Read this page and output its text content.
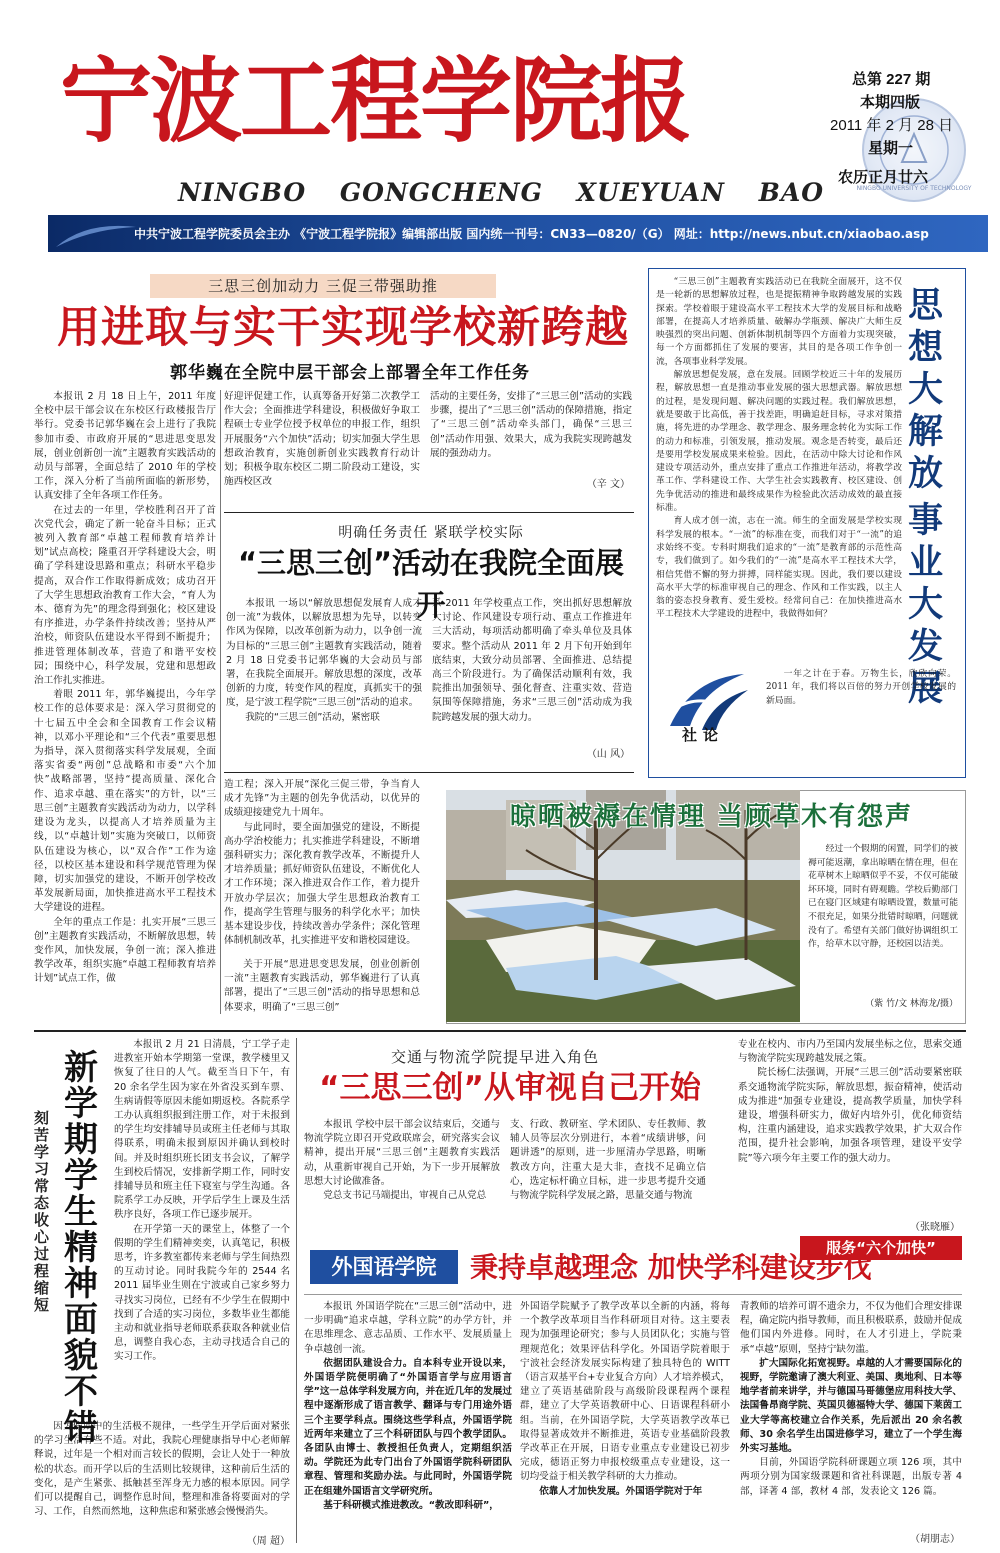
宁波工程学院报
NINGBO GONGCHENG XUEYUAN BAO	NINGBO UNIVERSITY OF TECHNOLOGY
总第 227 期
本期四版
2011 年 2 月 28 日
星期一
农历正月廿六
中共宁波工程学院委员会主办 《宁波工程学院报》编辑部出版 国内统一刊号：CN33—0820/（G） 网址：http://news.nbut.cn/xiaobao.asp
三思三创加动力 三促三带强助推
用进取与实干实现学校新跨越
郭华巍在全院中层干部会上部署全年工作任务

本报讯 2 月 18 日上午，2011 年度全校中层干部会议在东校区行政楼报告厅举行。党委书记郭华巍在会上进行了我院参加市委、市政府开展的“思进思变思发展，创业创新创一流”主题教育实践活动的动员与部署，全面总结了 2010 年的学校工作，深入分析了当前所面临的新形势，认真安排了全年各项工作任务。

在过去的一年里，学校胜利召开了首次党代会，确定了新一轮奋斗目标；正式被列入教育部“卓越工程师教育培养计划”试点高校；隆重召开学科建设大会，明确了学科建设思路和重点；科研水平稳步提高，双合作工作取得新成效；成功召开了大学生思想政治教育工作大会，“育人为本、德育为先”的理念得到强化；校区建设有序推进，办学条件持续改善；坚持从严治校，师资队伍建设水平得到不断提升；推进管理体制改革，营造了和谐平安校园；围绕中心，科学发展，党建和思想政治工作扎实推进。

着眼 2011 年，郭华巍提出，今年学校工作的总体要求是：深入学习贯彻党的十七届五中全会和全国教育工作会议精神，以邓小平理论和“三个代表”重要思想为指导，深入贯彻落实科学发展观，全面落实省委“两创”总战略和市委“六个加快”战略部署，坚持“提高质量、深化合作、追求卓越、重在落实”的方针，以“三思三创”主题教育实践活动为动力，以学科建设为龙头，以提高人才培养质量为主线，以“卓越计划”实施为突破口，以师资队伍建设为核心，以“双合作”工作为途径，以校区基本建设和科学规范管理为保障，切实加强党的建设，不断开创学校改革发展新局面，加快推进高水平工程技术大学建设的进程。

全年的重点工作是：扎实开展“三思三创”主题教育实践活动，不断解放思想，转变作风，加快发展，争创一流；深入推进教学改革，组织实施“卓越工程师教育培养计划”试点工作，做

好迎评促建工作，认真筹备开好第二次教学工作大会；全面推进学科建设，积极做好争取工程硕士专业学位授予权单位的申报工作，组织开展服务“六个加快”活动；切实加强大学生思想政治教育，实施创新创业实践教育行动计划；积极争取东校区二期二阶段动工建设，实施西校区改

活动的主要任务，安排了“三思三创”活动的实践步骤，提出了“三思三创”活动的保障措施，指定了“三思三创”活动牵头部门，确保“三思三创”活动作用强、效果大，成为我院实现跨越发展的强劲动力。

（辛 文）
明确任务责任 紧联学校实际
“三思三创”活动在我院全面展开

本报讯 一场以“解放思想促发展育人成才创一流”为载体，以解放思想为先导，以转变作风为保障，以改革创新为动力，以争创一流为目标的“三思三创”主题教育实践活动，随着 2 月 18 日党委书记郭华巍的大会动员与部署，在我院全面展开。解放思想的深度，改革创新的力度，转变作风的程度，真抓实干的强度，是宁波工程学院“三思三创”活动的追求。

我院的“三思三创”活动，紧密联

系 2011 年学校重点工作，突出抓好思想解放大讨论、作风建设专项行动、重点工作推进年三大活动，每项活动都明确了牵头单位及具体要求。整个活动从 2011 年 2 月下旬开始到年底结束，大致分动员部署、全面推进、总结提高三个阶段进行。为了确保活动顺利有效，我院推出加强领导、强化督查、注重实效、营造氛围等保障措施，务求“三思三创”活动成为我院跨越发展的强大动力。

（山 风）

造工程；深入开展“深化三促三带，争当育人成才先锋”为主题的创先争优活动，以优异的成绩迎接建党九十周年。

与此同时，要全面加强党的建设，不断提高办学治校能力；扎实推进学科建设，不断增强科研实力；深化教育教学改革，不断提升人才培养质量；抓好师资队伍建设，不断优化人才工作环境；深入推进双合作工作，着力提升开放办学层次；加强大学生思想政治教育工作，提高学生管理与服务的科学化水平；加快基本建设步伐，持续改善办学条件；深化管理体制机制改革，扎实推进平安和谐校园建设。

关于开展“思进思变思发展，创业创新创一流”主题教育实践活动，郭华巍进行了认真部署，提出了“三思三创”活动的指导思想和总体要求，明确了“三思三创”

思想大解放
事业大发展

“三思三创”主题教育实践活动已在我院全面展开，这不仅是一轮新的思想解放过程，也是提振精神争取跨越发展的实践探索。学校着眼于建设高水平工程技术大学的发展目标和战略部署，在提高人才培养质量、破解办学瓶颈、解决广大师生反映强烈的突出问题、创新体制机制等四个方面着力实现突破，每一个方面都抓住了发展的要害，其目的是各项工作争创一流，各项事业科学发展。

解放思想促发展，意在发展。回顾学校近三十年的发展历程，解放思想一直是推动事业发展的强大思想武器。解放思想的过程，是发现问题、解决问题的实践过程。我们解放思想，就是要敢于比高低，善于找差距，明确追赶目标，寻求对策措施，将先进的办学理念、教学理念、服务理念转化为实际工作的动力和标准，引领发展，推动发展。观念是否转变，最后还是要用学校发展成果来检验。因此，在活动中除大讨论和作风建设专项活动外，重点安排了重点工作推进年活动，将教学改革工作、学科建设工作、大学生社会实践教育、校区建设、创先争优活动的推进和最终成果作为检验此次活动成效的最直接标准。

育人成才创一流，志在一流。师生的全面发展是学校实现科学发展的根本。“一流”的标准在变，而我们对于“一流”的追求始终不变。专科时期我们追求的“一流”是教育部的示范性高专，我们做到了。如今我们的“一流”是高水平工程技术大学，相信凭借不懈的努力拼搏，同样能实现。因此，我们要以建设高水平大学的标准审视自己的理念、作风和工作实践，以主人翁的姿态投身教育、爱生爱校。经常问自己：在加快推进高水平工程技术大学建设的进程中，我做得如何？

一年之计在于春。万物生长，欣欣向荣。2011 年，我们将以百倍的努力开创学校发展的新局面。

社论
晾晒被褥在情理 当顾草木有怨声
经过一个假期的闲置，同学们的被褥可能返潮，拿出晾晒在情在理，但在花草树木上晾晒似乎不妥，不仅可能破坏环境，同时有碍观瞻。学校后勤部门已在寝门区域建有晾晒设置，数量可能不很充足，如果分批错时晾晒，问题就没有了。希望有关部门做好协调组织工作，给草木以守静，还校园以洁美。
（紫 竹/文 林海龙/摄）
新学期学生精神面貌不错
刻苦学习常态 收心过程缩短

本报讯 2 月 21 日清晨，宁工学子走进教室开始本学期第一堂课，教学楼里又恢复了往日的人气。截至当日下午，有 20 余名学生因为家在外省没买到车票、生病请假等原因未能如期返校。各院系学工办认真组织报到注册工作，对于未报到的学生均安排辅导员或班主任老师与其取得联系，明确未报到原因并确认到校时间。并及时组织班长团支书会议，了解学生到校后情况，安排新学期工作，同时安排辅导员和班主任下寝室与学生沟通。各院系学工办反映，开学后学生上课及生活秩序良好，各项工作已逐步展开。

在开学第一天的课堂上，体整了一个假期的学生们精神奕奕，认真笔记，积极思考，许多教室都传来老师与学生间热烈的互动讨论。同时我院今年的 2544 名 2011 届毕业生则在宁波或自己家乡努力寻找实习岗位，已经有不少学生在假期中找到了合适的实习岗位，多数毕业生都能主动和就业指导老师联系获取各种就业信息，调整自我心态，主动寻找适合自己的实习工作。

因为假期中的生活极不规律，一些学生开学后面对紧张的学习生活有些不适。对此，我院心理健康指导中心老师解释说，过年是一个相对而言较长的假期，会让人处于一种放松的状态。而开学以后的生活则比较规律，这种前后生活的变化，是产生紧张、抵触甚至浑身无力感的根本原因。同学们可以提醒自己，调整作息时间，整理和准备将要面对的学习、工作，自然而然地，这种焦虑和紧张感会慢慢消失。

（周 超）
交通与物流学院提早进入角色
“三思三创”从审视自己开始

本报讯 学校中层干部会议结束后，交通与物流学院立即召开党政联席会，研究落实会议精神，提出开展“三思三创”主题教育实践活动，从重新审视自己开始，为下一步开展解放思想大讨论做准备。

党总支书记马端提出，审视自己从党总

支、行政、教研室、学术团队、专任教师、教辅人员等层次分别进行，本着“成绩讲够，问题讲透”的原则，进一步厘清办学思路，明晰教改方向，注重大是大非，查找不足确立信心，选定标杆确立目标，进一步思考提升交通与物流学院科学发展之路，思量交通与物流

专业在校内、市内乃至国内发展坐标之位，思索交通与物流学院实现跨越发展之策。

院长杨仁法强调，开展“三思三创”活动要紧密联系交通物流学院实际，解放思想，振奋精神，使活动成为推进“加强专业建设，提高教学质量，加快学科建设，增强科研实力，做好内培外引，优化师资结构，注重内涵建设，追求实践教学效果，扩大双合作范围，提升社会影响，加强各项管理，建设平安学院”等六项今年主要工作的强大动力。

（张晓雁）
服务“六个加快”
外国语学院	秉持卓越理念 加快学科建设步伐

本报讯 外国语学院在“三思三创”活动中，进一步明确“追求卓越，学科立院”的办学方针，并在思维理念、意志品质、工作水平、发展质量上争卓越创一流。

依据团队建设合力。自本科专业开设以来，外国语学院便明确了“外国语言学与应用语言学”这一总体学科发展方向，并在近几年的发展过程中逐渐形成了语言教学、翻译与专门用途外语三个主要学科点。围绕这些学科点，外国语学院近两年来建立了三个科研团队与四个教学团队。各团队由博士、教授担任负责人，定期组织活动。学院还为此专门出台了外国语学院科研团队章程、管理和奖励办法。与此同时，外国语学院正在组建外国语言文学研究所。

基于科研模式推进教改。“教改即科研”，

外国语学院赋予了教学改革以全新的内涵，将每一个教学改革项目当作科研项目对待。这主要表现为加强理论研究；参与人员团队化；实施与管理规范化；效果评估科学化。外国语学院着眼于宁波社会经济发展实际构建了独具特色的 WITT（语言双基平台+专业复合方向）人才培养模式，建立了英语基础阶段与高级阶段课程两个课程群，建立了大学英语教研中心、日语课程科研小组。当前，在外国语学院，大学英语教学改革已取得显著成效并不断推进，英语专业基础阶段教学改革正在开展，日语专业重点专业建设已初步完成，德语正努力申报校级重点专业建设，这一切均受益于相关教学科研的大力推动。

依靠人才加快发展。外国语学院对于年

青教师的培养可谓不遗余力，不仅为他们合理安排课程，确定院内指导教师，而且积极联系，鼓励并促成他们国内外进修。同时，在人才引进上，学院秉承“卓越”原则，坚持宁缺勿滥。

扩大国际化拓宽视野。卓越的人才需要国际化的视野，学院邀请了澳大利亚、美国、奥地利、日本等地学者前来讲学，并与德国马哥德堡应用科技大学、法国鲁昂商学院、英国贝德福特大学、德国下莱茵工业大学等高校建立合作关系，先后派出 20 余名教师、30 余名学生出国进修学习，建立了一个学生海外实习基地。

目前，外国语学院科研课题立项 126 项，其中两项分别为国家级课题和省社科课题，出版专著 4 部，译著 4 部，教材 4 部，发表论文 126 篇。

（胡朋志）
